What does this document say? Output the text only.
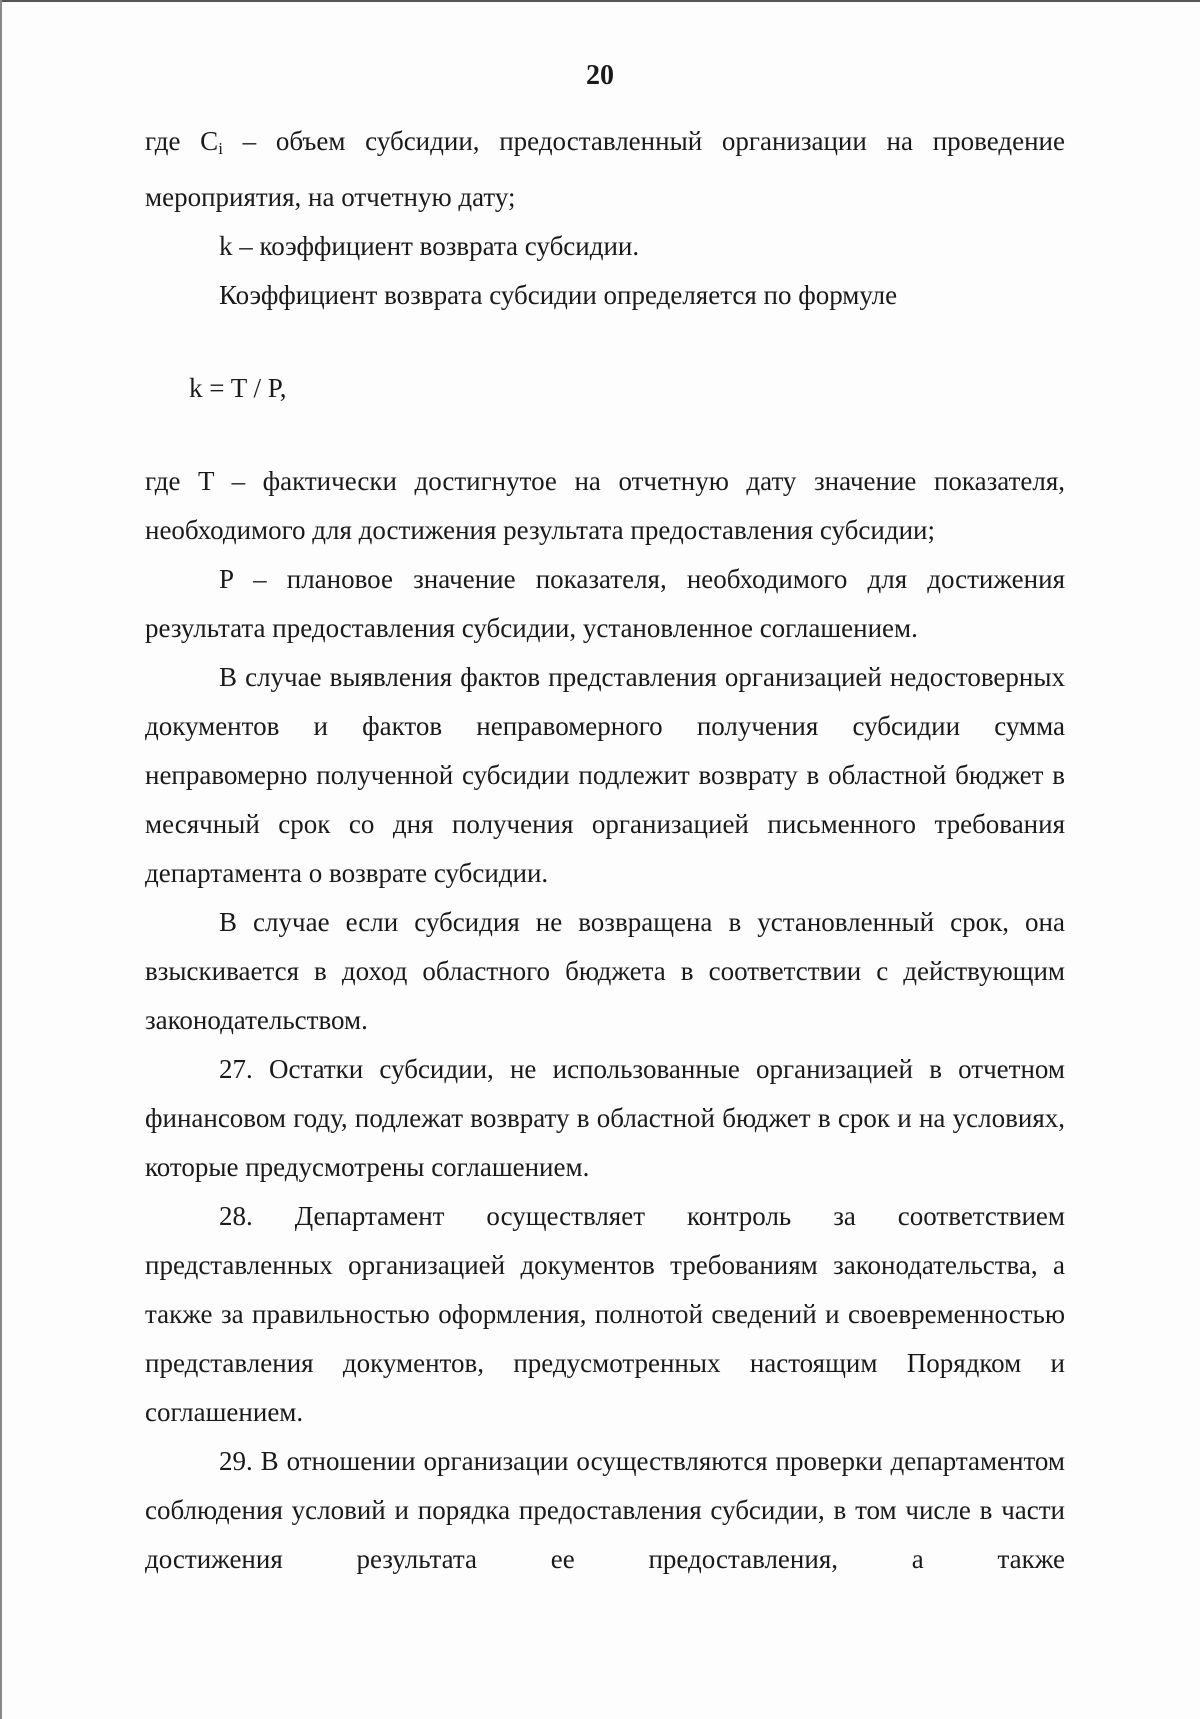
20

где $C_i$ – объем субсидии, предоставленный организации на проведение мероприятия, на отчетную дату;

k – коэффициент возврата субсидии.

Коэффициент возврата субсидии определяется по формуле

k = T / P,

где T – фактически достигнутое на отчетную дату значение показателя, необходимого для достижения результата предоставления субсидии;

P – плановое значение показателя, необходимого для достижения результата предоставления субсидии, установленное соглашением.

В случае выявления фактов представления организацией недостоверных документов и фактов неправомерного получения субсидии сумма неправомерно полученной субсидии подлежит возврату в областной бюджет в месячный срок со дня получения организацией письменного требования департамента о возврате субсидии.

В случае если субсидия не возвращена в установленный срок, она взыскивается в доход областного бюджета в соответствии с действующим законодательством.

27. Остатки субсидии, не использованные организацией в отчетном финансовом году, подлежат возврату в областной бюджет в срок и на условиях, которые предусмотрены соглашением.

28. Департамент осуществляет контроль за соответствием представленных организацией документов требованиям законодательства, а также за правильностью оформления, полнотой сведений и своевременностью представления документов, предусмотренных настоящим Порядком и соглашением.

29. В отношении организации осуществляются проверки департаментом соблюдения условий и порядка предоставления субсидии, в том числе в части достижения результата ее предоставления, а также
